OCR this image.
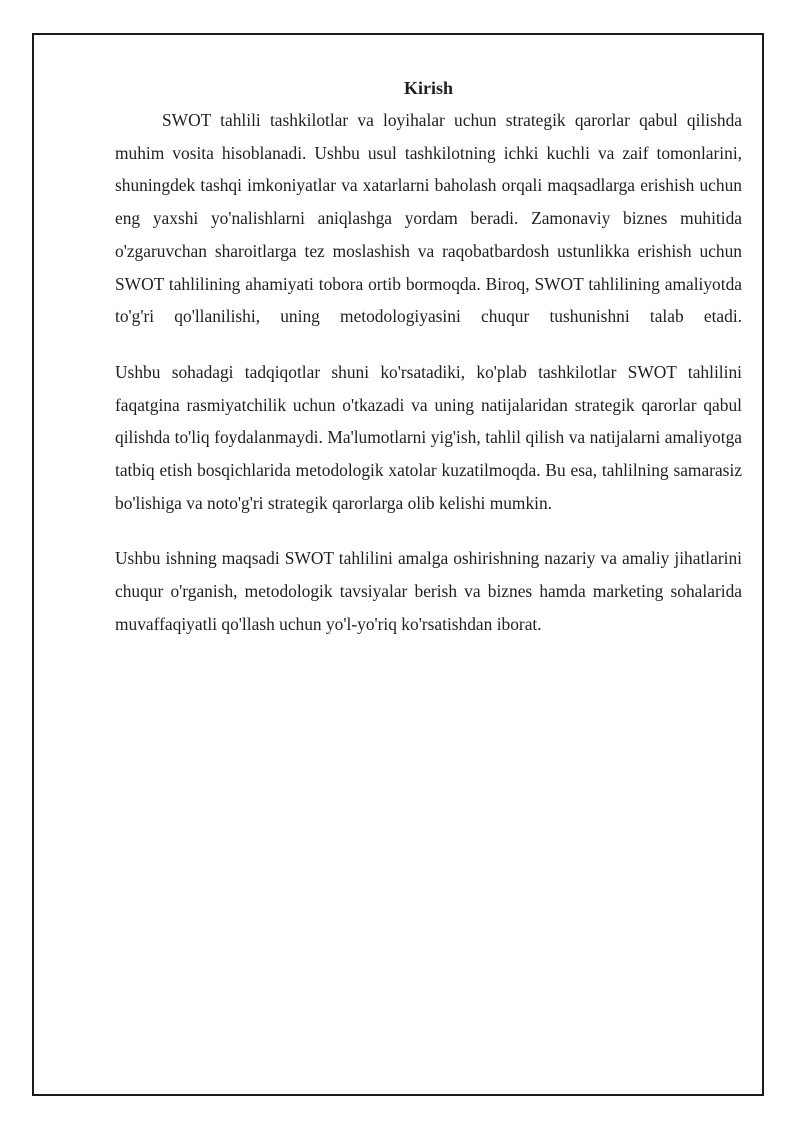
Kirish

SWOT tahlili tashkilotlar va loyihalar uchun strategik qarorlar qabul qilishda muhim vosita hisoblanadi. Ushbu usul tashkilotning ichki kuchli va zaif tomonlarini, shuningdek tashqi imkoniyatlar va xatarlarni baholash orqali maqsadlarga erishish uchun eng yaxshi yo'nalishlarni aniqlashga yordam beradi. Zamonaviy biznes muhitida o'zgaruvchan sharoitlarga tez moslashish va raqobatbardosh ustunlikka erishish uchun SWOT tahlilining ahamiyati tobora ortib bormoqda. Biroq, SWOT tahlilining amaliyotda to'g'ri qo'llanilishi, uning metodologiyasini chuqur tushunishni talab etadi.

Ushbu sohadagi tadqiqotlar shuni ko'rsatadiki, ko'plab tashkilotlar SWOT tahlilini faqatgina rasmiyatchilik uchun o'tkazadi va uning natijalaridan strategik qarorlar qabul qilishda to'liq foydalanmaydi. Ma'lumotlarni yig'ish, tahlil qilish va natijalarni amaliyotga tatbiq etish bosqichlarida metodologik xatolar kuzatilmoqda. Bu esa, tahlilning samarasiz bo'lishiga va noto'g'ri strategik qarorlarga olib kelishi mumkin.

Ushbu ishning maqsadi SWOT tahlilini amalga oshirishning nazariy va amaliy jihatlarini chuqur o'rganish, metodologik tavsiyalar berish va biznes hamda marketing sohalarida muvaffaqiyatli qo'llash uchun yo'l-yo'riq ko'rsatishdan iborat.
